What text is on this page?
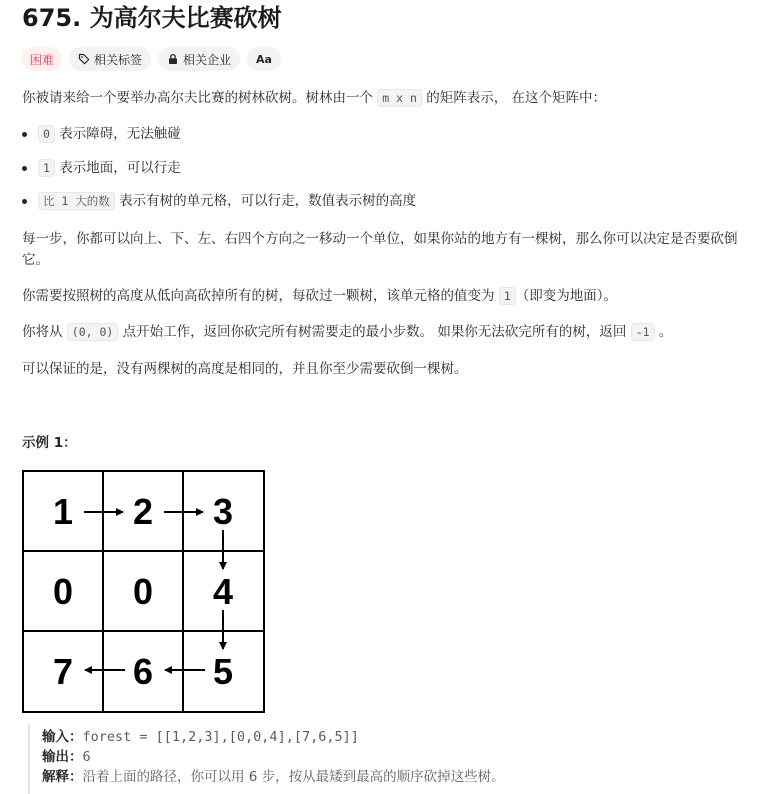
675. 为高尔夫比赛砍树
困难	相关标签	相关企业 Aa

你被请来给一个要举办高尔夫比赛的树林砍树。树林由一个 m x n 的矩阵表示， 在这个矩阵中：

0 表示障碍，无法触碰

1 表示地面，可以行走

比 1 大的数 表示有树的单元格，可以行走，数值表示树的高度

每一步，你都可以向上、下、左、右四个方向之一移动一个单位，如果你站的地方有一棵树，那么你可以决定是否要砍倒
它。

你需要按照树的高度从低向高砍掉所有的树，每砍过一颗树，该单元格的值变为 1 （即变为地面）。

你将从 (0, 0) 点开始工作，返回你砍完所有树需要走的最小步数。 如果你无法砍完所有的树，返回 -1 。

可以保证的是，没有两棵树的高度是相同的，并且你至少需要砍倒一棵树。

示例 1：

1 2 3
0 0 4
7 6 5
输入：forest = [[1,2,3],[0,0,4],[7,6,5]]
输出：6
解释：沿着上面的路径，你可以用 6 步，按从最矮到最高的顺序砍掉这些树。
